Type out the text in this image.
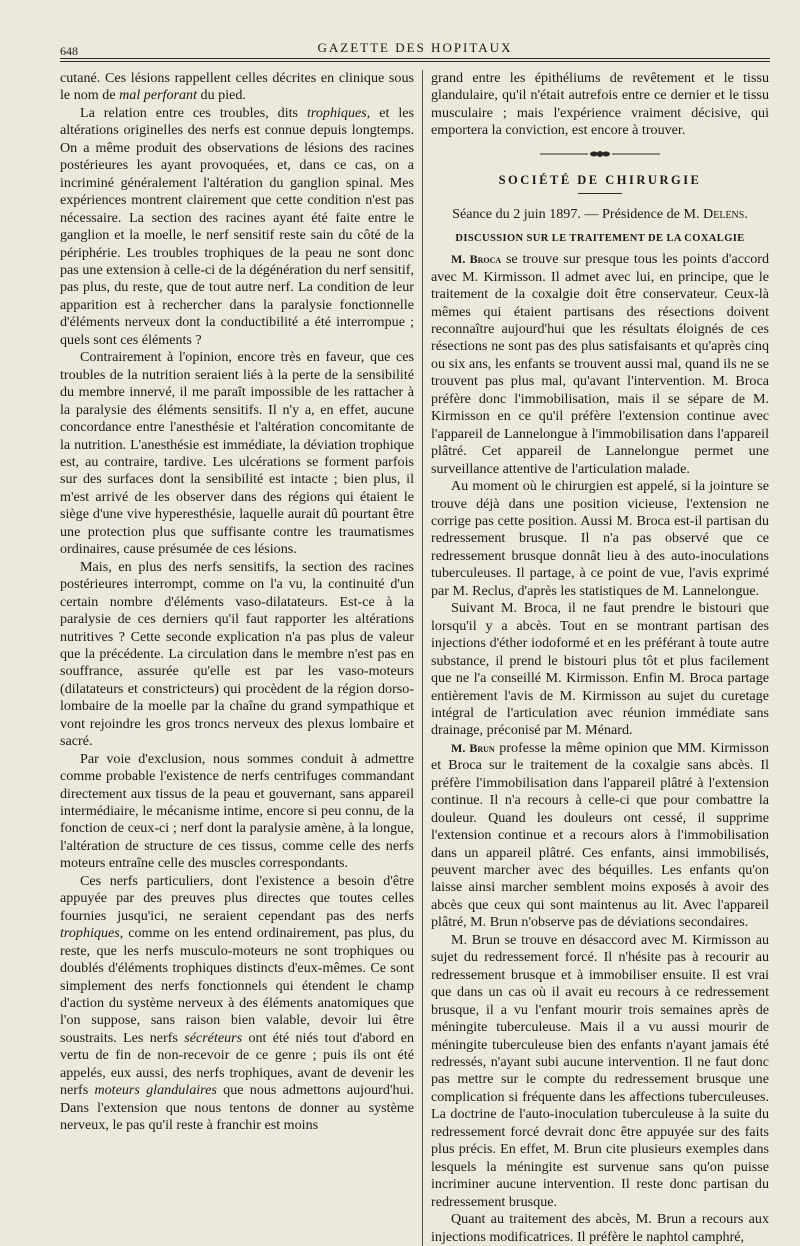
648	GAZETTE DES HOPITAUX

cutané. Ces lésions rappellent celles décrites en clinique sous le nom de mal perforant du pied.

La relation entre ces troubles, dits trophiques, et les altérations originelles des nerfs est connue depuis longtemps. On a même produit des observations de lésions des racines postérieures les ayant provoquées, et, dans ce cas, on a incriminé généralement l'altération du ganglion spinal. Mes expériences montrent clairement que cette condition n'est pas nécessaire. La section des racines ayant été faite entre le ganglion et la moelle, le nerf sensitif reste sain du côté de la périphérie. Les troubles trophiques de la peau ne sont donc pas une extension à celle-ci de la dégénération du nerf sensitif, pas plus, du reste, que de tout autre nerf. La condition de leur apparition est à rechercher dans la paralysie fonctionnelle d'éléments nerveux dont la conductibilité a été interrompue ; quels sont ces éléments ?

Contrairement à l'opinion, encore très en faveur, que ces troubles de la nutrition seraient liés à la perte de la sensibilité du membre innervé, il me paraît impossible de les rattacher à la paralysie des éléments sensitifs. Il n'y a, en effet, aucune concordance entre l'anesthésie et l'altération concomitante de la nutrition. L'anesthésie est immédiate, la déviation trophique est, au contraire, tardive. Les ulcérations se forment parfois sur des surfaces dont la sensibilité est intacte ; bien plus, il m'est arrivé de les observer dans des régions qui étaient le siège d'une vive hyperesthésie, laquelle aurait dû pourtant être une protection plus que suffisante contre les traumatismes ordinaires, cause présumée de ces lésions.

Mais, en plus des nerfs sensitifs, la section des racines postérieures interrompt, comme on l'a vu, la continuité d'un certain nombre d'éléments vaso-dilatateurs. Est-ce à la paralysie de ces derniers qu'il faut rapporter les altérations nutritives ? Cette seconde explication n'a pas plus de valeur que la précédente. La circulation dans le membre n'est pas en souffrance, assurée qu'elle est par les vaso-moteurs (dilatateurs et constricteurs) qui procèdent de la région dorso-lombaire de la moelle par la chaîne du grand sympathique et vont rejoindre les gros troncs nerveux des plexus lombaire et sacré.

Par voie d'exclusion, nous sommes conduit à admettre comme probable l'existence de nerfs centrifuges commandant directement aux tissus de la peau et gouvernant, sans appareil intermédiaire, le mécanisme intime, encore si peu connu, de la fonction de ceux-ci ; nerf dont la paralysie amène, à la longue, l'altération de structure de ces tissus, comme celle des nerfs moteurs entraîne celle des muscles correspondants.

Ces nerfs particuliers, dont l'existence a besoin d'être appuyée par des preuves plus directes que toutes celles fournies jusqu'ici, ne seraient cependant pas des nerfs trophiques, comme on les entend ordinairement, pas plus, du reste, que les nerfs musculo-moteurs ne sont trophiques ou doublés d'éléments trophiques distincts d'eux-mêmes. Ce sont simplement des nerfs fonctionnels qui étendent le champ d'action du système nerveux à des éléments anatomiques que l'on suppose, sans raison bien valable, devoir lui être soustraits. Les nerfs sécréteurs ont été niés tout d'abord en vertu de fin de non-recevoir de ce genre ; puis ils ont été appelés, eux aussi, des nerfs trophiques, avant de devenir les nerfs moteurs glandulaires que nous admettons aujourd'hui. Dans l'extension que nous tentons de donner au système nerveux, le pas qu'il reste à franchir est moins

grand entre les épithéliums de revêtement et le tissu glandulaire, qu'il n'était autrefois entre ce dernier et le tissu musculaire ; mais l'expérience vraiment décisive, qui emportera la conviction, est encore à trouver.

SOCIÉTÉ DE CHIRURGIE

Séance du 2 juin 1897. — Présidence de M. Delens.

DISCUSSION SUR LE TRAITEMENT DE LA COXALGIE

M. Broca se trouve sur presque tous les points d'accord avec M. Kirmisson. Il admet avec lui, en principe, que le traitement de la coxalgie doit être conservateur. Ceux-là mêmes qui étaient partisans des résections doivent reconnaître aujourd'hui que les résultats éloignés de ces résections ne sont pas des plus satisfaisants et qu'après cinq ou six ans, les enfants se trouvent aussi mal, quand ils ne se trouvent pas plus mal, qu'avant l'intervention. M. Broca préfère donc l'immobilisation, mais il se sépare de M. Kirmisson en ce qu'il préfère l'extension continue avec l'appareil de Lannelongue à l'immobilisation dans l'appareil plâtré. Cet appareil de Lannelongue permet une surveillance attentive de l'articulation malade.

Au moment où le chirurgien est appelé, si la jointure se trouve déjà dans une position vicieuse, l'extension ne corrige pas cette position. Aussi M. Broca est-il partisan du redressement brusque. Il n'a pas observé que ce redressement brusque donnât lieu à des auto-inoculations tuberculeuses. Il partage, à ce point de vue, l'avis exprimé par M. Reclus, d'après les statistiques de M. Lannelongue.

Suivant M. Broca, il ne faut prendre le bistouri que lorsqu'il y a abcès. Tout en se montrant partisan des injections d'éther iodoformé et en les préférant à toute autre substance, il prend le bistouri plus tôt et plus facilement que ne l'a conseillé M. Kirmisson. Enfin M. Broca partage entièrement l'avis de M. Kirmisson au sujet du curetage intégral de l'articulation avec réunion immédiate sans drainage, préconisé par M. Ménard.

M. Brun professe la même opinion que MM. Kirmisson et Broca sur le traitement de la coxalgie sans abcès. Il préfère l'immobilisation dans l'appareil plâtré à l'extension continue. Il n'a recours à celle-ci que pour combattre la douleur. Quand les douleurs ont cessé, il supprime l'extension continue et a recours alors à l'immobilisation dans un appareil plâtré. Ces enfants, ainsi immobilisés, peuvent marcher avec des béquilles. Les enfants qu'on laisse ainsi marcher semblent moins exposés à avoir des abcès que ceux qui sont maintenus au lit. Avec l'appareil plâtré, M. Brun n'observe pas de déviations secondaires.

M. Brun se trouve en désaccord avec M. Kirmisson au sujet du redressement forcé. Il n'hésite pas à recourir au redressement brusque et à immobiliser ensuite. Il est vrai que dans un cas où il avait eu recours à ce redressement brusque, il a vu l'enfant mourir trois semaines après de méningite tuberculeuse. Mais il a vu aussi mourir de méningite tuberculeuse bien des enfants n'ayant jamais été redressés, n'ayant subi aucune intervention. Il ne faut donc pas mettre sur le compte du redressement brusque une complication si fréquente dans les affections tuberculeuses. La doctrine de l'auto-inoculation tuberculeuse à la suite du redressement forcé devrait donc être appuyée sur des faits plus précis. En effet, M. Brun cite plusieurs exemples dans lesquels la méningite est survenue sans qu'on puisse incriminer aucune intervention. Il reste donc partisan du redressement brusque.

Quant au traitement des abcès, M. Brun a recours aux injections modificatrices. Il préfère le naphtol camphré,
